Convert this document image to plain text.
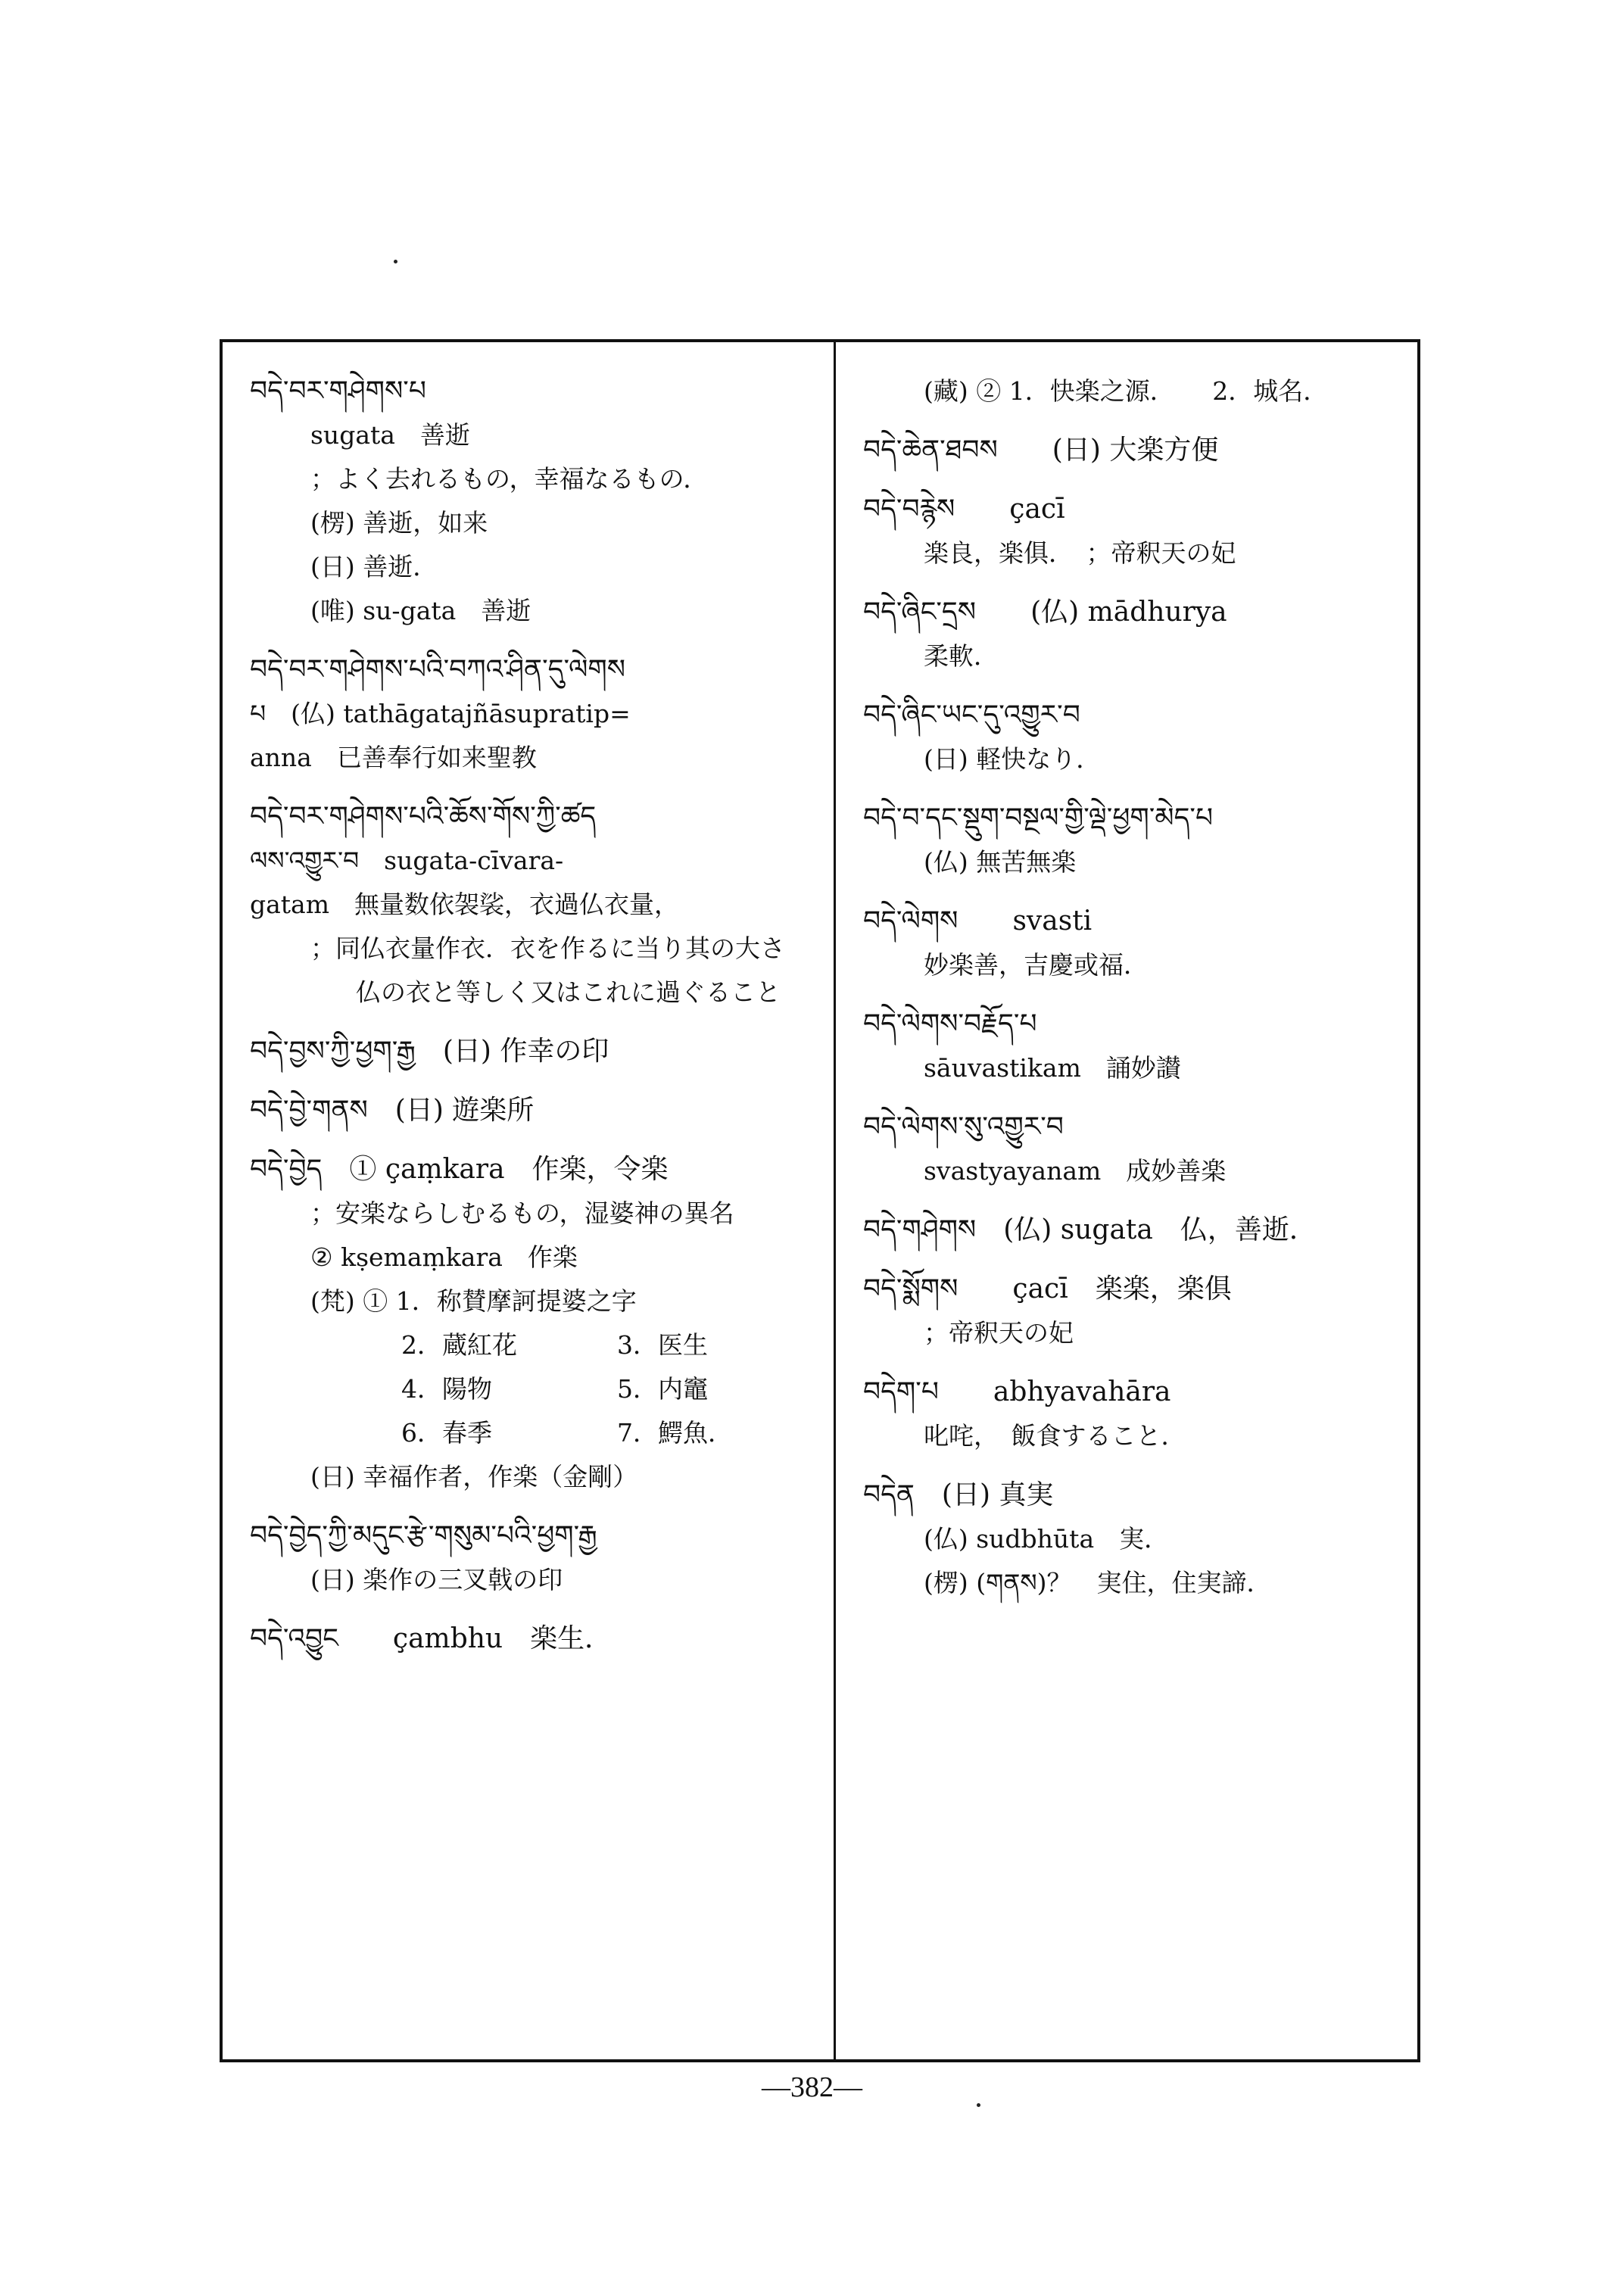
བདེ་བར་གཤེགས་པ
sugata　善逝
；よく去れるもの，幸福なるもの．
(楞) 善逝，如来
(日) 善逝．
(唯) su-gata　善逝
བདེ་བར་གཤེགས་པའི་བཀའ་ཤིན་དུ་ལེགས
པ　(仏) tathāgatajñāsupratip=
anna　已善奉行如来聖教
བདེ་བར་གཤེགས་པའི་ཆོས་གོས་ཀྱི་ཚད
ལས་འགྱུར་བ　sugata-cīvara-
gatam　無量数依袈裟，衣過仏衣量，
；同仏衣量作衣．衣を作るに当り其の大さ
仏の衣と等しく又はこれに過ぐること
བདེ་བྱས་ཀྱི་ཕྱག་རྒྱ　(日) 作幸の印
བདེ་བྱེ་གནས　(日) 遊楽所
བདེ་བྱེད　① çaṃkara　作楽，令楽
；安楽ならしむるもの，湿婆神の異名
② kṣemaṃkara　作楽
(梵) ① 1．称賛摩訶提婆之字
2．蔵紅花　　　　3．医生
4．陽物　　　　　5．内竈
6．春季　　　　　7．鰐魚．
(日) 幸福作者，作楽（金剛）
བདེ་བྱེད་ཀྱི་མདུང་རྩེ་གསུམ་པའི་ཕྱག་རྒྱ
(日) 楽作の三叉戟の印
བདེ་འབྱུང　　çambhu　楽生．
(藏) ② 1．快楽之源．　　2．城名．
བདེ་ཆེན་ཐབས　　(日) 大楽方便
བདེ་བརྙེས　　çacī
楽良，楽俱．　；帝釈天の妃
བདེ་ཞིང་དྲས　　(仏) mādhurya
柔軟．
བདེ་ཞིང་ཡང་དུ་འགྱུར་བ
(日) 軽快なり．
བདེ་བ་དང་སྡུག་བསྔལ་གྱི་ལྡེ་ཕྱག་མེད་པ
(仏) 無苦無楽
བདེ་ལེགས　　svasti
妙楽善，吉慶或福．
བདེ་ལེགས་བརྗོད་པ
sāuvastikam　誦妙讃
བདེ་ལེགས་སུ་འགྱུར་བ
svastyayanam　成妙善楽
བདེ་གཤེགས　(仏) sugata　仏，善逝．
བདེ་སྨོགས　　çacī　楽楽，楽俱
；帝釈天の妃
བདེག་པ　　abhyavahāra
叱咤，　飯食すること．
བདེན　(日) 真実
(仏) sudbhūta　実．
(楞) (གནས)？　実住，住実諦．
—382—
